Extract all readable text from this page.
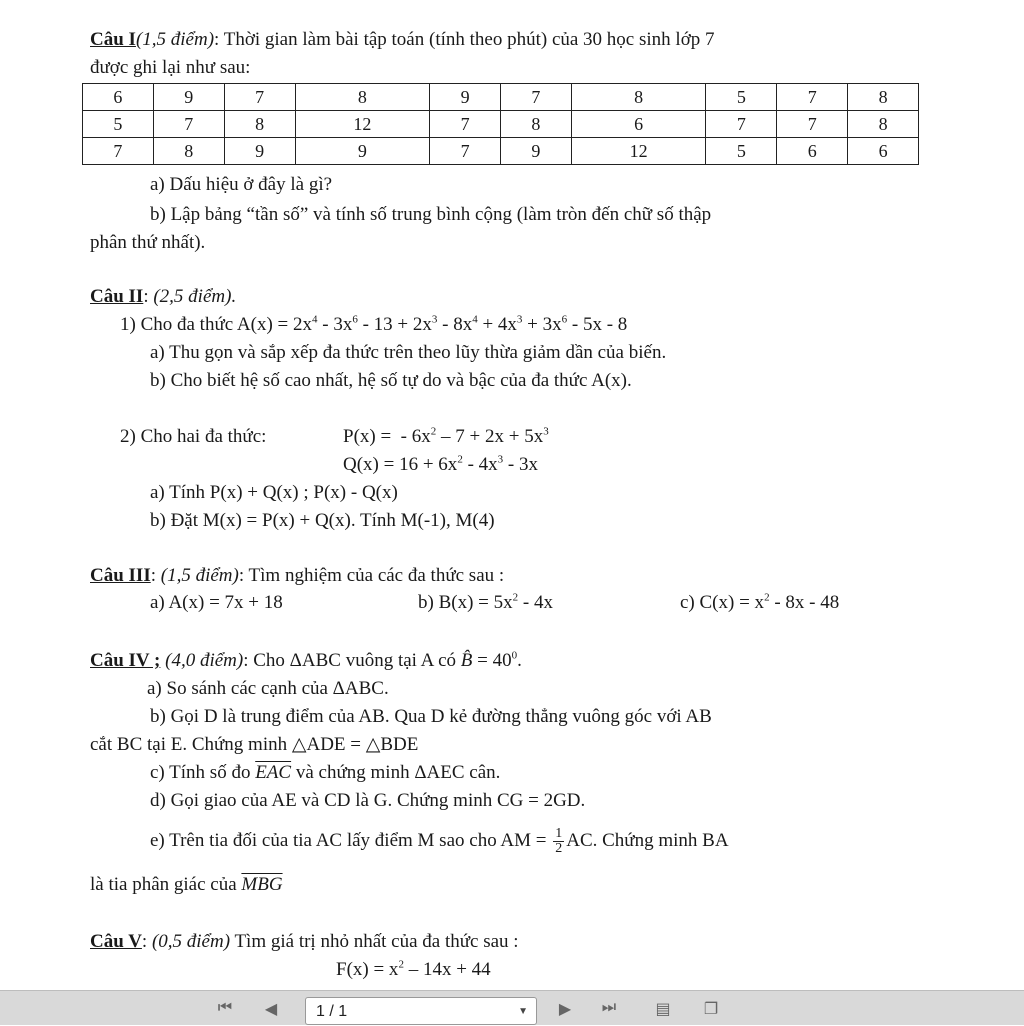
Câu I(1,5 điểm): Thời gian làm bài tập toán (tính theo phút) của 30 học sinh lớp 7
được ghi lại như sau:
6	9	7	8	9	7	8	5	7	8
5	7	8	12	7	8	6	7	7	8
7	8	9	9	7	9	12	5	6	6
a) Dấu hiệu ở đây là gì?
b) Lập bảng “tần số” và tính số trung bình cộng (làm tròn đến chữ số thập
phân thứ nhất).
Câu II: (2,5 điểm).
1) Cho đa thức $A(x) = 2x^4 - 3x^6 - 13 + 2x^3 - 8x^4 + 4x^3 + 3x^6 - 5x - 8$
a) Thu gọn và sắp xếp đa thức trên theo lũy thừa giảm dần của biến.
b) Cho biết hệ số cao nhất, hệ số tự do và bậc của đa thức A(x).
2) Cho hai đa thức:	P(x) =  - $6x^2 - 7 + 2x + 5x^3$
$Q(x) = 16 + 6x^2 - 4x^3 - 3x$
a) Tính P(x) + Q(x) ; P(x) - Q(x)
b) Đặt M(x) = P(x) + Q(x). Tính M(-1), M(4)
Câu III: (1,5 điểm): Tìm nghiệm của các đa thức sau :
a) A(x) = 7x + 18	b) $B(x) = 5x^2 - 4x$	c) $C(x) = x^2 - 8x - 48$
Câu IV ; (4,0 điểm): Cho ΔABC vuông tại A có B̂ = $40^0$.
a) So sánh các cạnh của ΔABC.
b) Gọi D là trung điểm của AB. Qua D kẻ đường thẳng vuông góc với AB
cắt BC tại E. Chứng minh △ADE = △BDE
c) Tính số đo $\overline{EAC}$ và chứng minh ΔAEC cân.
d) Gọi giao của AE và CD là G. Chứng minh CG = 2GD.
e) Trên tia đối của tia AC lấy điểm M sao cho AM = $\frac{1}{2}$ AC. Chứng minh BA
là tia phân giác của $\overline{MBG}$
Câu V: (0,5 điểm) Tìm giá trị nhỏ nhất của đa thức sau :
$F(x) = x^2 - 14x + 44$
⏮	◀	1 / 1	▼	▶	⏭	▤	❐
